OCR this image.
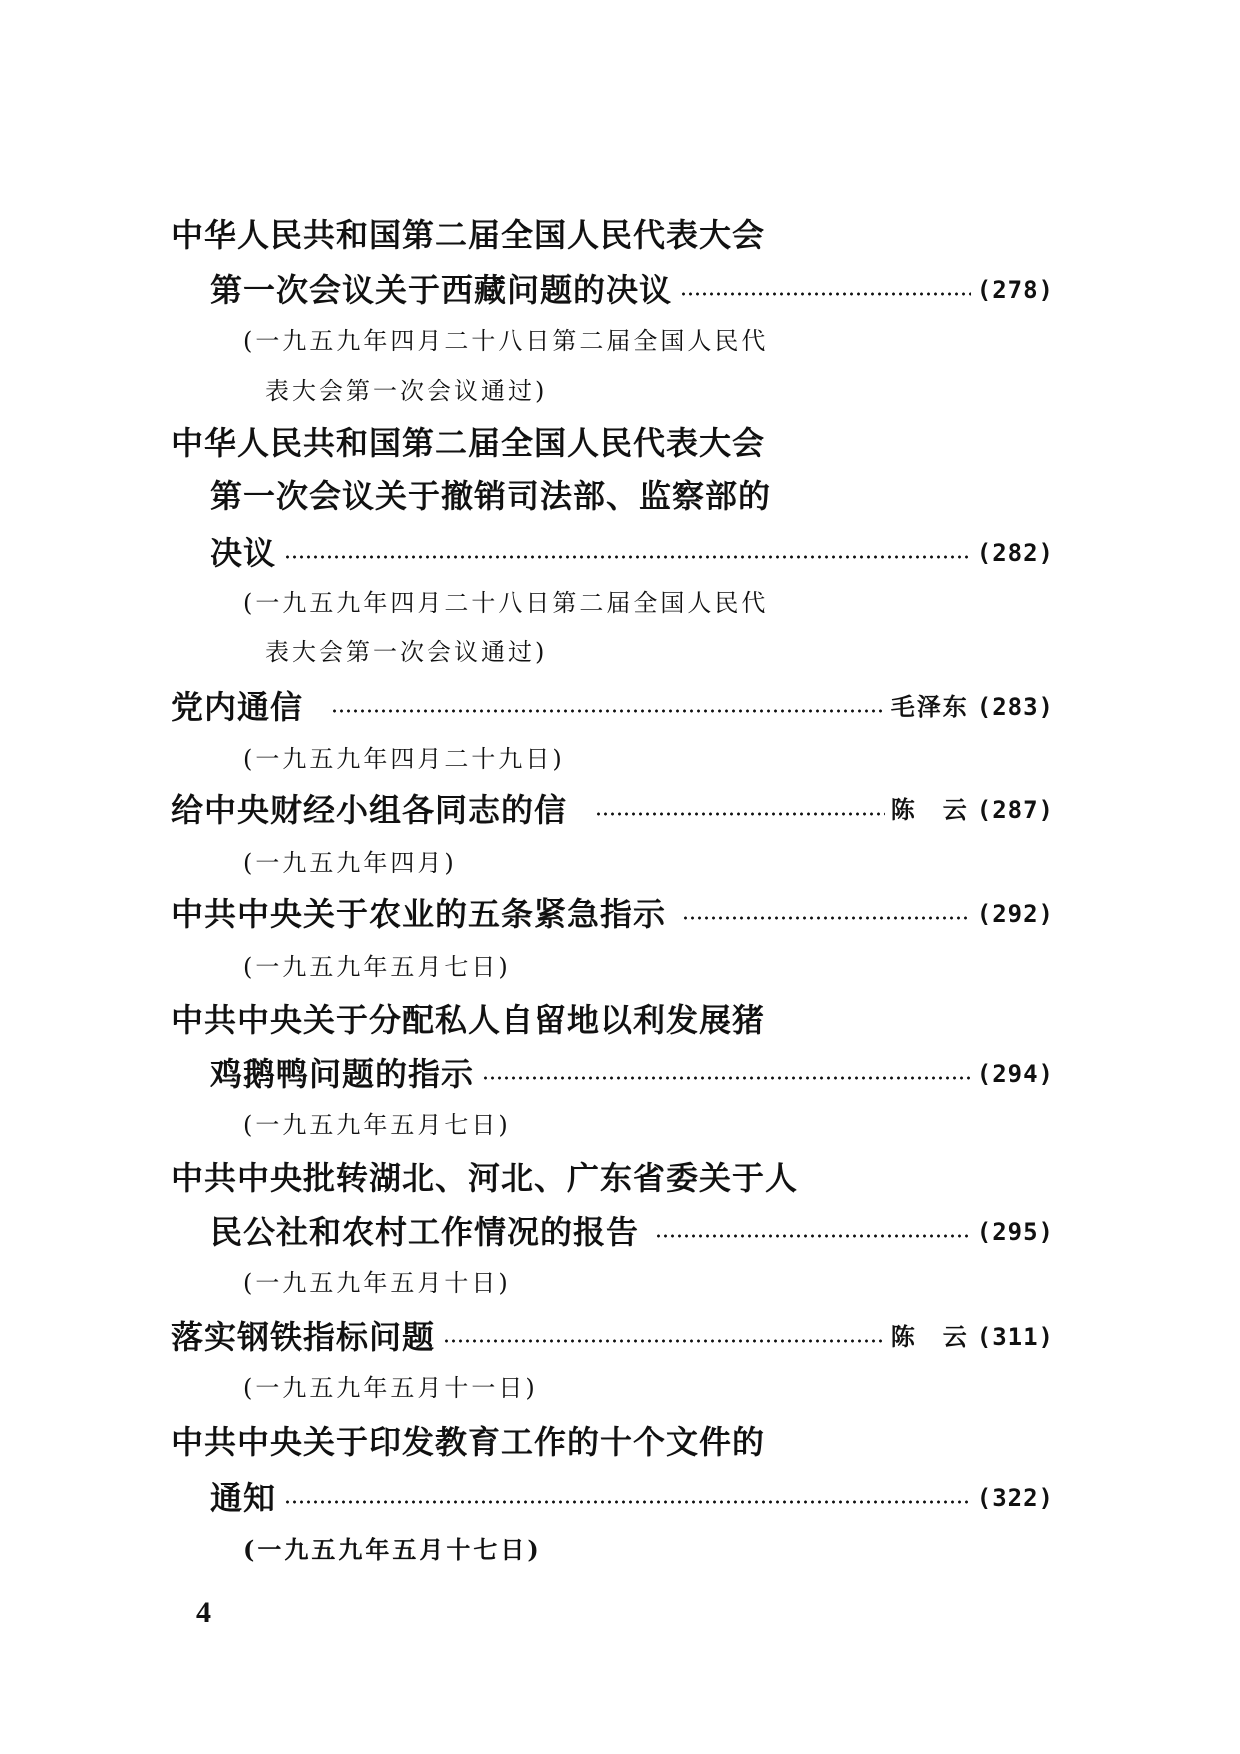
中华人民共和国第二届全国人民代表大会
第一次会议关于西藏问题的决议	(278)
(一九五九年四月二十八日第二届全国人民代
表大会第一次会议通过)
中华人民共和国第二届全国人民代表大会
第一次会议关于撤销司法部、监察部的
决议	(282)
(一九五九年四月二十八日第二届全国人民代
表大会第一次会议通过)
党内通信	毛泽东 (283)
(一九五九年四月二十九日)
给中央财经小组各同志的信	陈　云 (287)
(一九五九年四月)
中共中央关于农业的五条紧急指示	(292)
(一九五九年五月七日)
中共中央关于分配私人自留地以利发展猪
鸡鹅鸭问题的指示	(294)
(一九五九年五月七日)
中共中央批转湖北、河北、广东省委关于人
民公社和农村工作情况的报告	(295)
(一九五九年五月十日)
落实钢铁指标问题	陈　云 (311)
(一九五九年五月十一日)
中共中央关于印发教育工作的十个文件的
通知	(322)
(一九五九年五月十七日)
4
